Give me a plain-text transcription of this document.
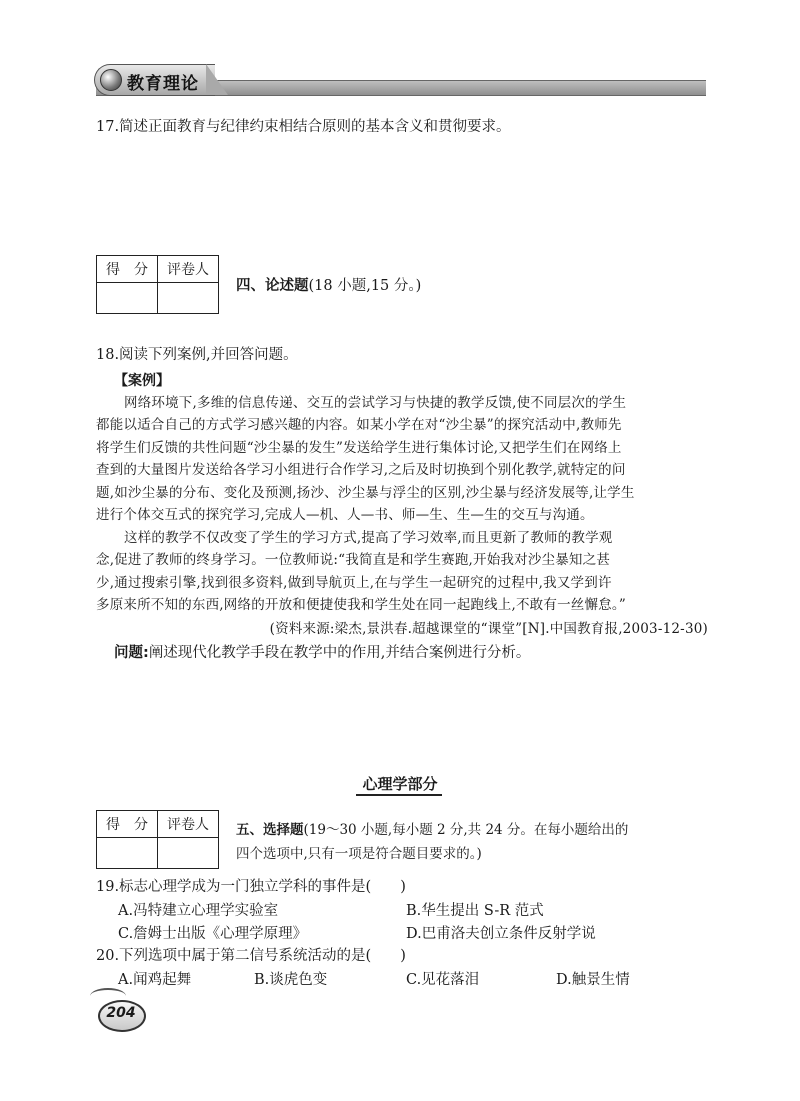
教育理论
17.简述正面教育与纪律约束相结合原则的基本含义和贯彻要求。
得　分	评卷人

四、论述题(18 小题,15 分。)
18.阅读下列案例,并回答问题。
【案例】
网络环境下,多维的信息传递、交互的尝试学习与快捷的教学反馈,使不同层次的学生
都能以适合自己的方式学习感兴趣的内容。如某小学在对“沙尘暴”的探究活动中,教师先
将学生们反馈的共性问题“沙尘暴的发生”发送给学生进行集体讨论,又把学生们在网络上
查到的大量图片发送给各学习小组进行合作学习,之后及时切换到个别化教学,就特定的问
题,如沙尘暴的分布、变化及预测,扬沙、沙尘暴与浮尘的区别,沙尘暴与经济发展等,让学生
进行个体交互式的探究学习,完成人—机、人—书、师—生、生—生的交互与沟通。
这样的教学不仅改变了学生的学习方式,提高了学习效率,而且更新了教师的教学观
念,促进了教师的终身学习。一位教师说:“我简直是和学生赛跑,开始我对沙尘暴知之甚
少,通过搜索引擎,找到很多资料,做到导航页上,在与学生一起研究的过程中,我又学到许
多原来所不知的东西,网络的开放和便捷使我和学生处在同一起跑线上,不敢有一丝懈怠。”
(资料来源:梁杰,景洪春.超越课堂的“课堂”[N].中国教育报,2003-12-30)
问题:阐述现代化教学手段在教学中的作用,并结合案例进行分析。
心理学部分
得　分	评卷人
	五、选择题(19～30 小题,每小题 2 分,共 24 分。在每小题给出的
四个选项中,只有一项是符合题目要求的。)
19.标志心理学成为一门独立学科的事件是(　　)
A.冯特建立心理学实验室	B.华生提出 S-R 范式
C.詹姆士出版《心理学原理》	D.巴甫洛夫创立条件反射学说
20.下列选项中属于第二信号系统活动的是(　　)
A.闻鸡起舞	B.谈虎色变	C.见花落泪	D.触景生情
204
